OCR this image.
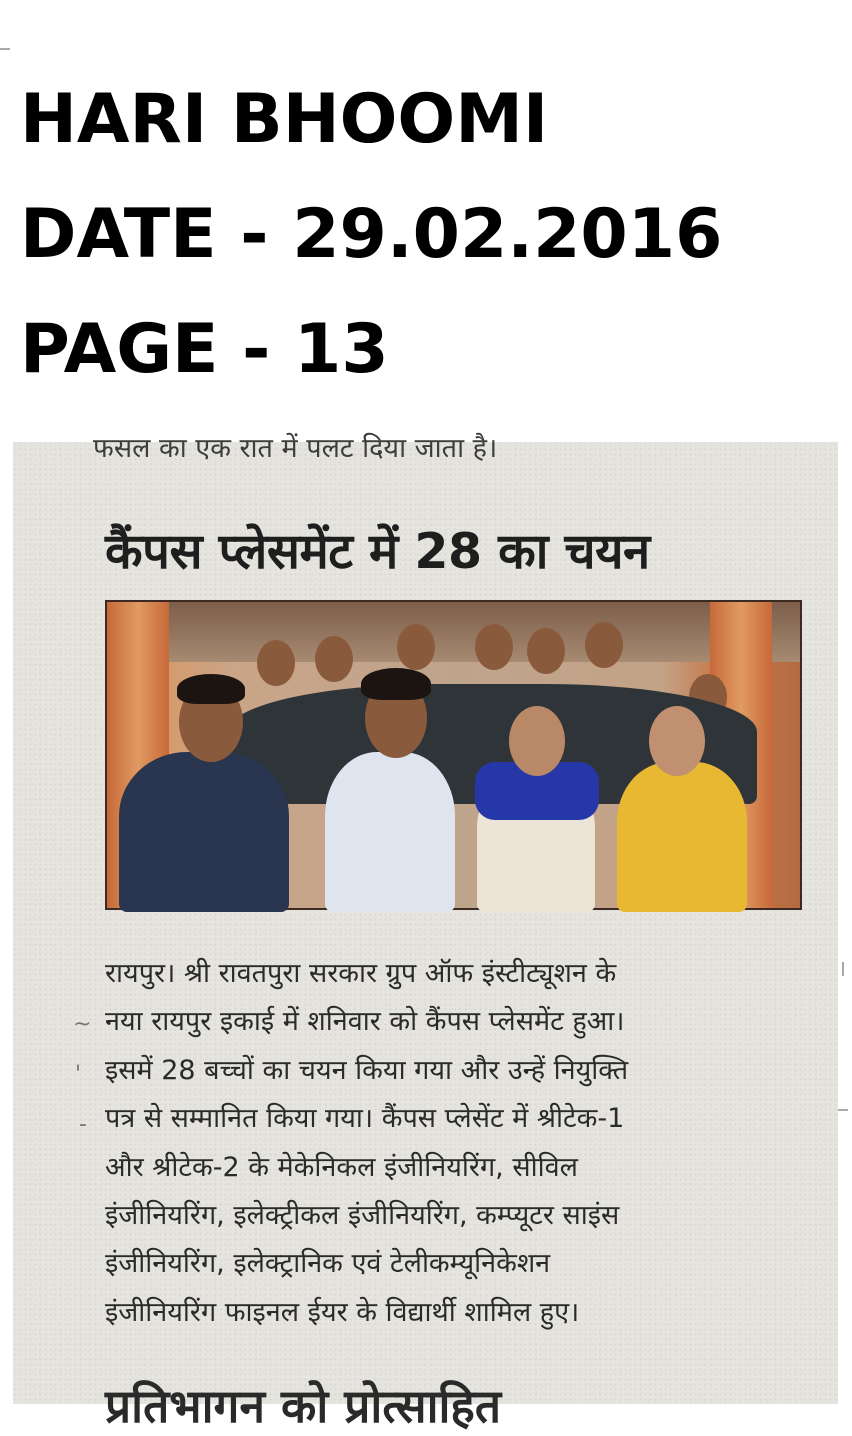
HARI BHOOMI
DATE - 29.02.2016
PAGE - 13
फसल का एक रात में पलट दिया जाता है।
कैंपस प्लेसमेंट में 28 का चयन
रायपुर। श्री रावतपुरा सरकार ग्रुप ऑफ इंस्टीट्यूशन के
नया रायपुर इकाई में शनिवार को कैंपस प्लेसमेंट हुआ।
इसमें 28 बच्चों का चयन किया गया और उन्हें नियुक्ति
पत्र से सम्मानित किया गया। कैंपस प्लेसेंट में श्रीटेक-1
और श्रीटेक-2 के मेकेनिकल इंजीनियरिंग, सीविल
इंजीनियरिंग, इलेक्ट्रीकल इंजीनियरिंग, कम्प्यूटर साइंस
इंजीनियरिंग, इलेक्ट्रानिक एवं टेलीकम्यूनिकेशन
इंजीनियरिंग फाइनल ईयर के विद्यार्थी शामिल हुए।
~
'
-
प्रतिभागन को प्रोत्साहित
